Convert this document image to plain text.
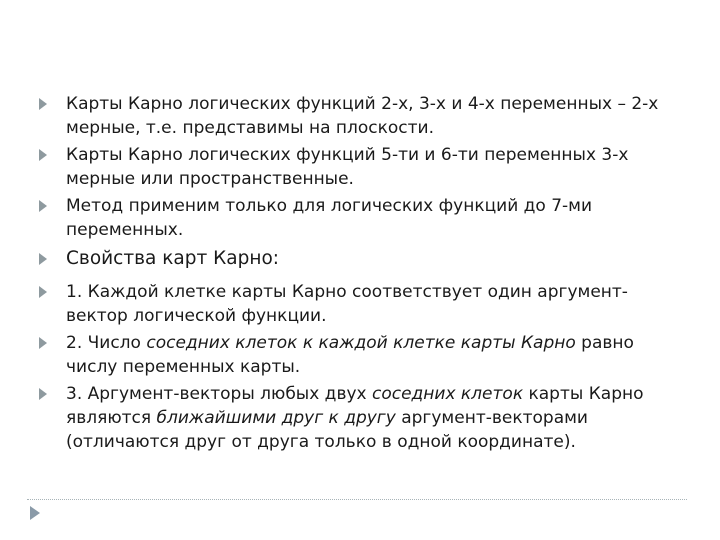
Карты Карно логических функций 2-х, 3-х и 4-х переменных – 2-х мерные, т.е. представимы на плоскости.
Карты Карно логических функций 5-ти и 6-ти переменных 3-х мерные или пространственные.
Метод применим только для логических функций до 7-ми переменных.
Свойства карт Карно:
1. Каждой клетке карты Карно соответствует один аргумент-вектор логической функции.
2. Число соседних клеток к каждой клетке карты Карно равно числу переменных карты.
3. Аргумент-векторы любых двух соседних клеток карты Карно являются ближайшими друг к другу аргумент-векторами (отличаются друг от друга только в одной координате).
